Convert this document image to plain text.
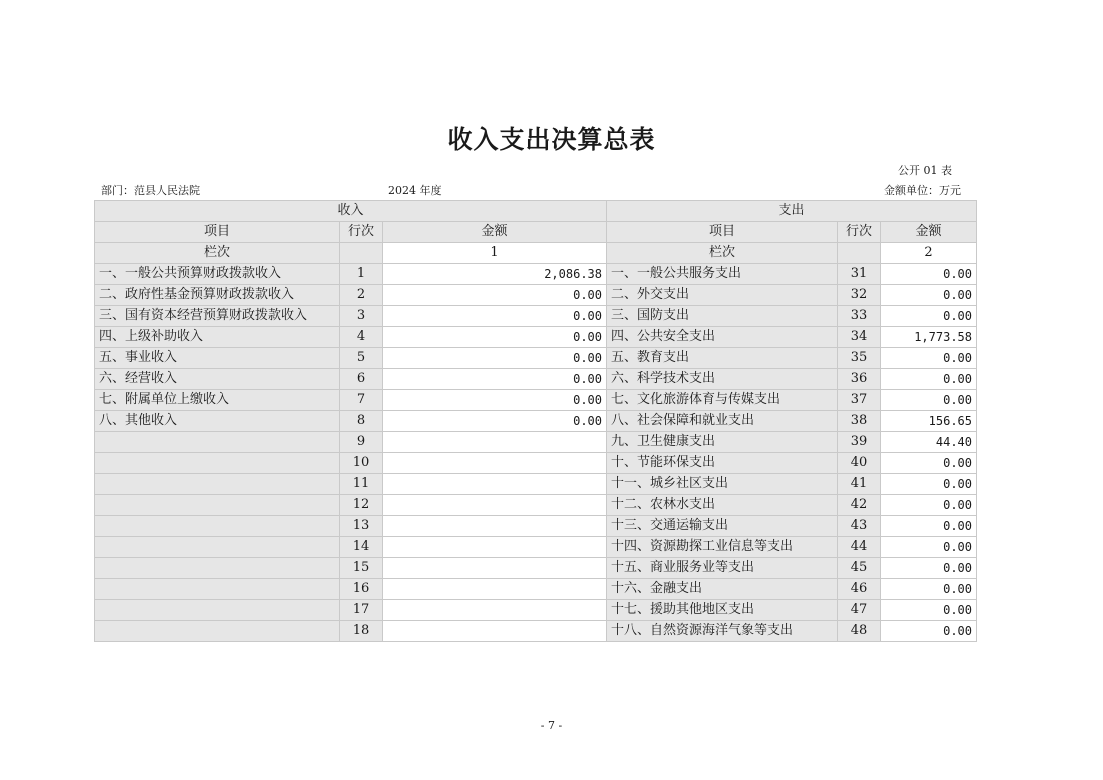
收入支出决算总表
公开 01 表
部门：范县人民法院	2024 年度	金额单位：万元
收入			支出		
项目	行次	金额	项目	行次	金额
栏次		1	栏次		2
一、一般公共预算财政拨款收入	1	2,086.38	一、一般公共服务支出	31	0.00
二、政府性基金预算财政拨款收入	2	0.00	二、外交支出	32	0.00
三、国有资本经营预算财政拨款收入	3	0.00	三、国防支出	33	0.00
四、上级补助收入	4	0.00	四、公共安全支出	34	1,773.58
五、事业收入	5	0.00	五、教育支出	35	0.00
六、经营收入	6	0.00	六、科学技术支出	36	0.00
七、附属单位上缴收入	7	0.00	七、文化旅游体育与传媒支出	37	0.00
八、其他收入	8	0.00	八、社会保障和就业支出	38	156.65
	9		九、卫生健康支出	39	44.40
	10		十、节能环保支出	40	0.00
	11		十一、城乡社区支出	41	0.00
	12		十二、农林水支出	42	0.00
	13		十三、交通运输支出	43	0.00
	14		十四、资源勘探工业信息等支出	44	0.00
	15		十五、商业服务业等支出	45	0.00
	16		十六、金融支出	46	0.00
	17		十七、援助其他地区支出	47	0.00
	18		十八、自然资源海洋气象等支出	48	0.00
- 7 -
